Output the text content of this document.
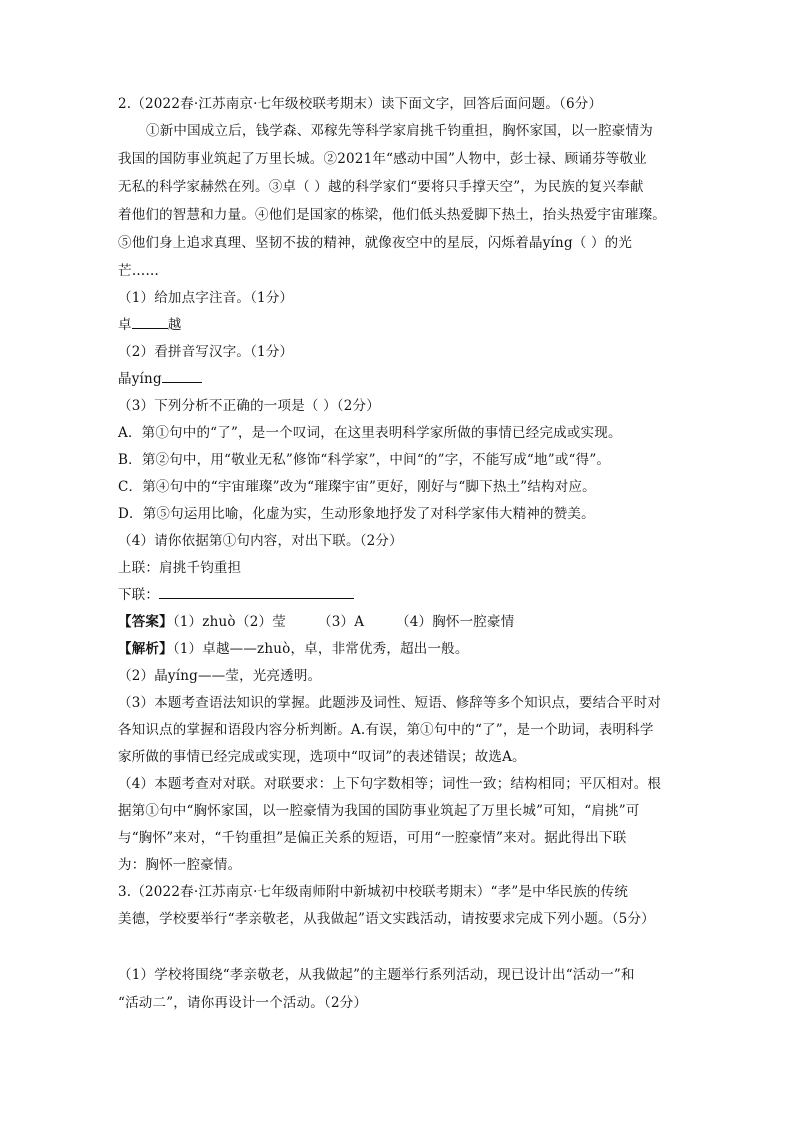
2.（2022春·江苏南京·七年级校联考期末）读下面文字，回答后面问题。（6分）
①新中国成立后，钱学森、邓稼先等科学家肩挑千钧重担，胸怀家国，以一腔豪情为
我国的国防事业筑起了万里长城。②2021年“感动中国”人物中，彭士禄、顾诵芬等敬业
无私的科学家赫然在列。③卓（ ）越的科学家们“要将只手撑天空”，为民族的复兴奉献
着他们的智慧和力量。④他们是国家的栋梁，他们低头热爱脚下热土，抬头热爱宇宙璀璨。
⑤他们身上追求真理、坚韧不拔的精神，就像夜空中的星辰，闪烁着晶yíng（ ）的光
芒……
（1）给加点字注音。（1分）
卓	越
（2）看拼音写汉字。（1分）
晶yíng
（3）下列分析不正确的一项是（ ）（2分）
A．第①句中的“了”，是一个叹词，在这里表明科学家所做的事情已经完成或实现。
B．第②句中，用“敬业无私”修饰“科学家”，中间“的”字，不能写成“地”或“得”。
C．第④句中的“宇宙璀璨”改为“璀璨宇宙”更好，刚好与“脚下热土”结构对应。
D．第⑤句运用比喻，化虚为实，生动形象地抒发了对科学家伟大精神的赞美。
（4）请你依据第①句内容，对出下联。（2分）
上联：肩挑千钧重担
下联：
【答案】（1）zhuò （2）莹 （3）A （4）胸怀一腔豪情
【解析】（1）卓越——zhuò，卓，非常优秀，超出一般。
（2）晶yíng——莹，光亮透明。
（3）本题考查语法知识的掌握。此题涉及词性、短语、修辞等多个知识点，要结合平时对
各知识点的掌握和语段内容分析判断。A.有误，第①句中的“了”，是一个助词，表明科学
家所做的事情已经完成或实现，选项中“叹词”的表述错误；故选A。
（4）本题考查对对联。对联要求：上下句字数相等；词性一致；结构相同；平仄相对。根
据第①句中“胸怀家国，以一腔豪情为我国的国防事业筑起了万里长城”可知，“肩挑”可
与“胸怀”来对，“千钧重担”是偏正关系的短语，可用“一腔豪情”来对。据此得出下联
为：胸怀一腔豪情。
3.（2022春·江苏南京·七年级南师附中新城初中校联考期末）“孝”是中华民族的传统
美德，学校要举行“孝亲敬老，从我做起”语文实践活动，请按要求完成下列小题。（5分）
（1）学校将围绕“孝亲敬老，从我做起”的主题举行系列活动，现已设计出“活动一”和
“活动二”，请你再设计一个活动。（2分）
